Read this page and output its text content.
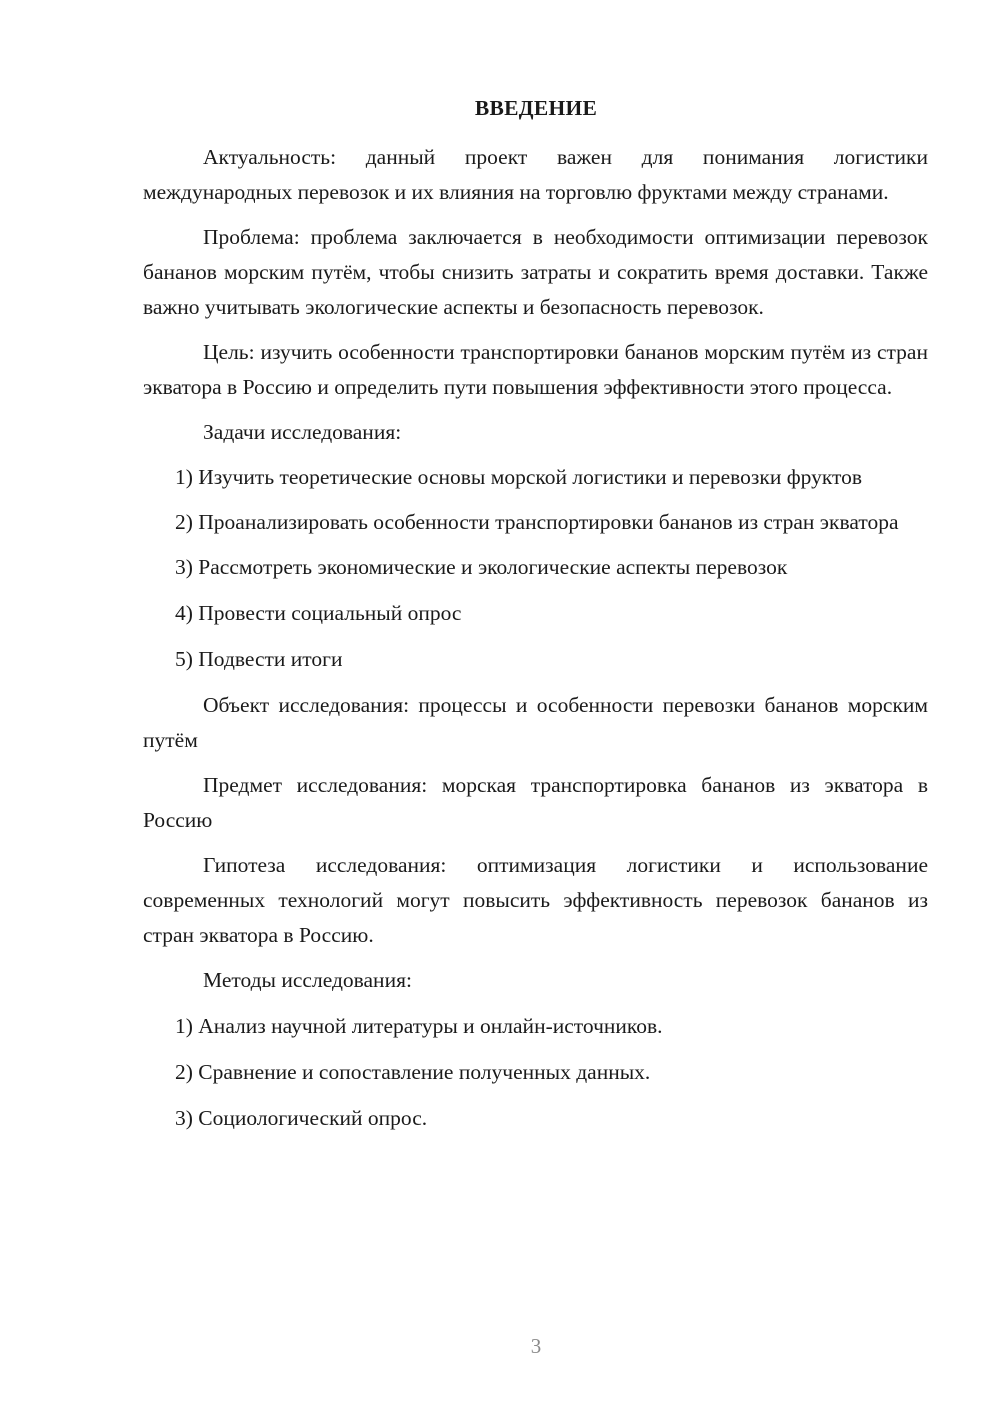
ВВЕДЕНИЕ

Актуальность: данный проект важен для понимания логистики международных перевозок и их влияния на торговлю фруктами между странами.

Проблема: проблема заключается в необходимости оптимизации перевозок бананов морским путём, чтобы снизить затраты и сократить время доставки. Также важно учитывать экологические аспекты и безопасность перевозок.

Цель: изучить особенности транспортировки бананов морским путём из стран экватора в Россию и определить пути повышения эффективности этого процесса.

Задачи исследования:

1) Изучить теоретические основы морской логистики и перевозки фруктов

2) Проанализировать особенности транспортировки бананов из стран экватора

3) Рассмотреть экономические и экологические аспекты перевозок

4) Провести социальный опрос

5) Подвести итоги

Объект исследования: процессы и особенности перевозки бананов морским путём

Предмет исследования: морская транспортировка бананов из экватора в Россию

Гипотеза исследования: оптимизация логистики и использование современных технологий могут повысить эффективность перевозок бананов из стран экватора в Россию.

Методы исследования:

1) Анализ научной литературы и онлайн-источников.

2) Сравнение и сопоставление полученных данных.

3) Социологический опрос.

3
